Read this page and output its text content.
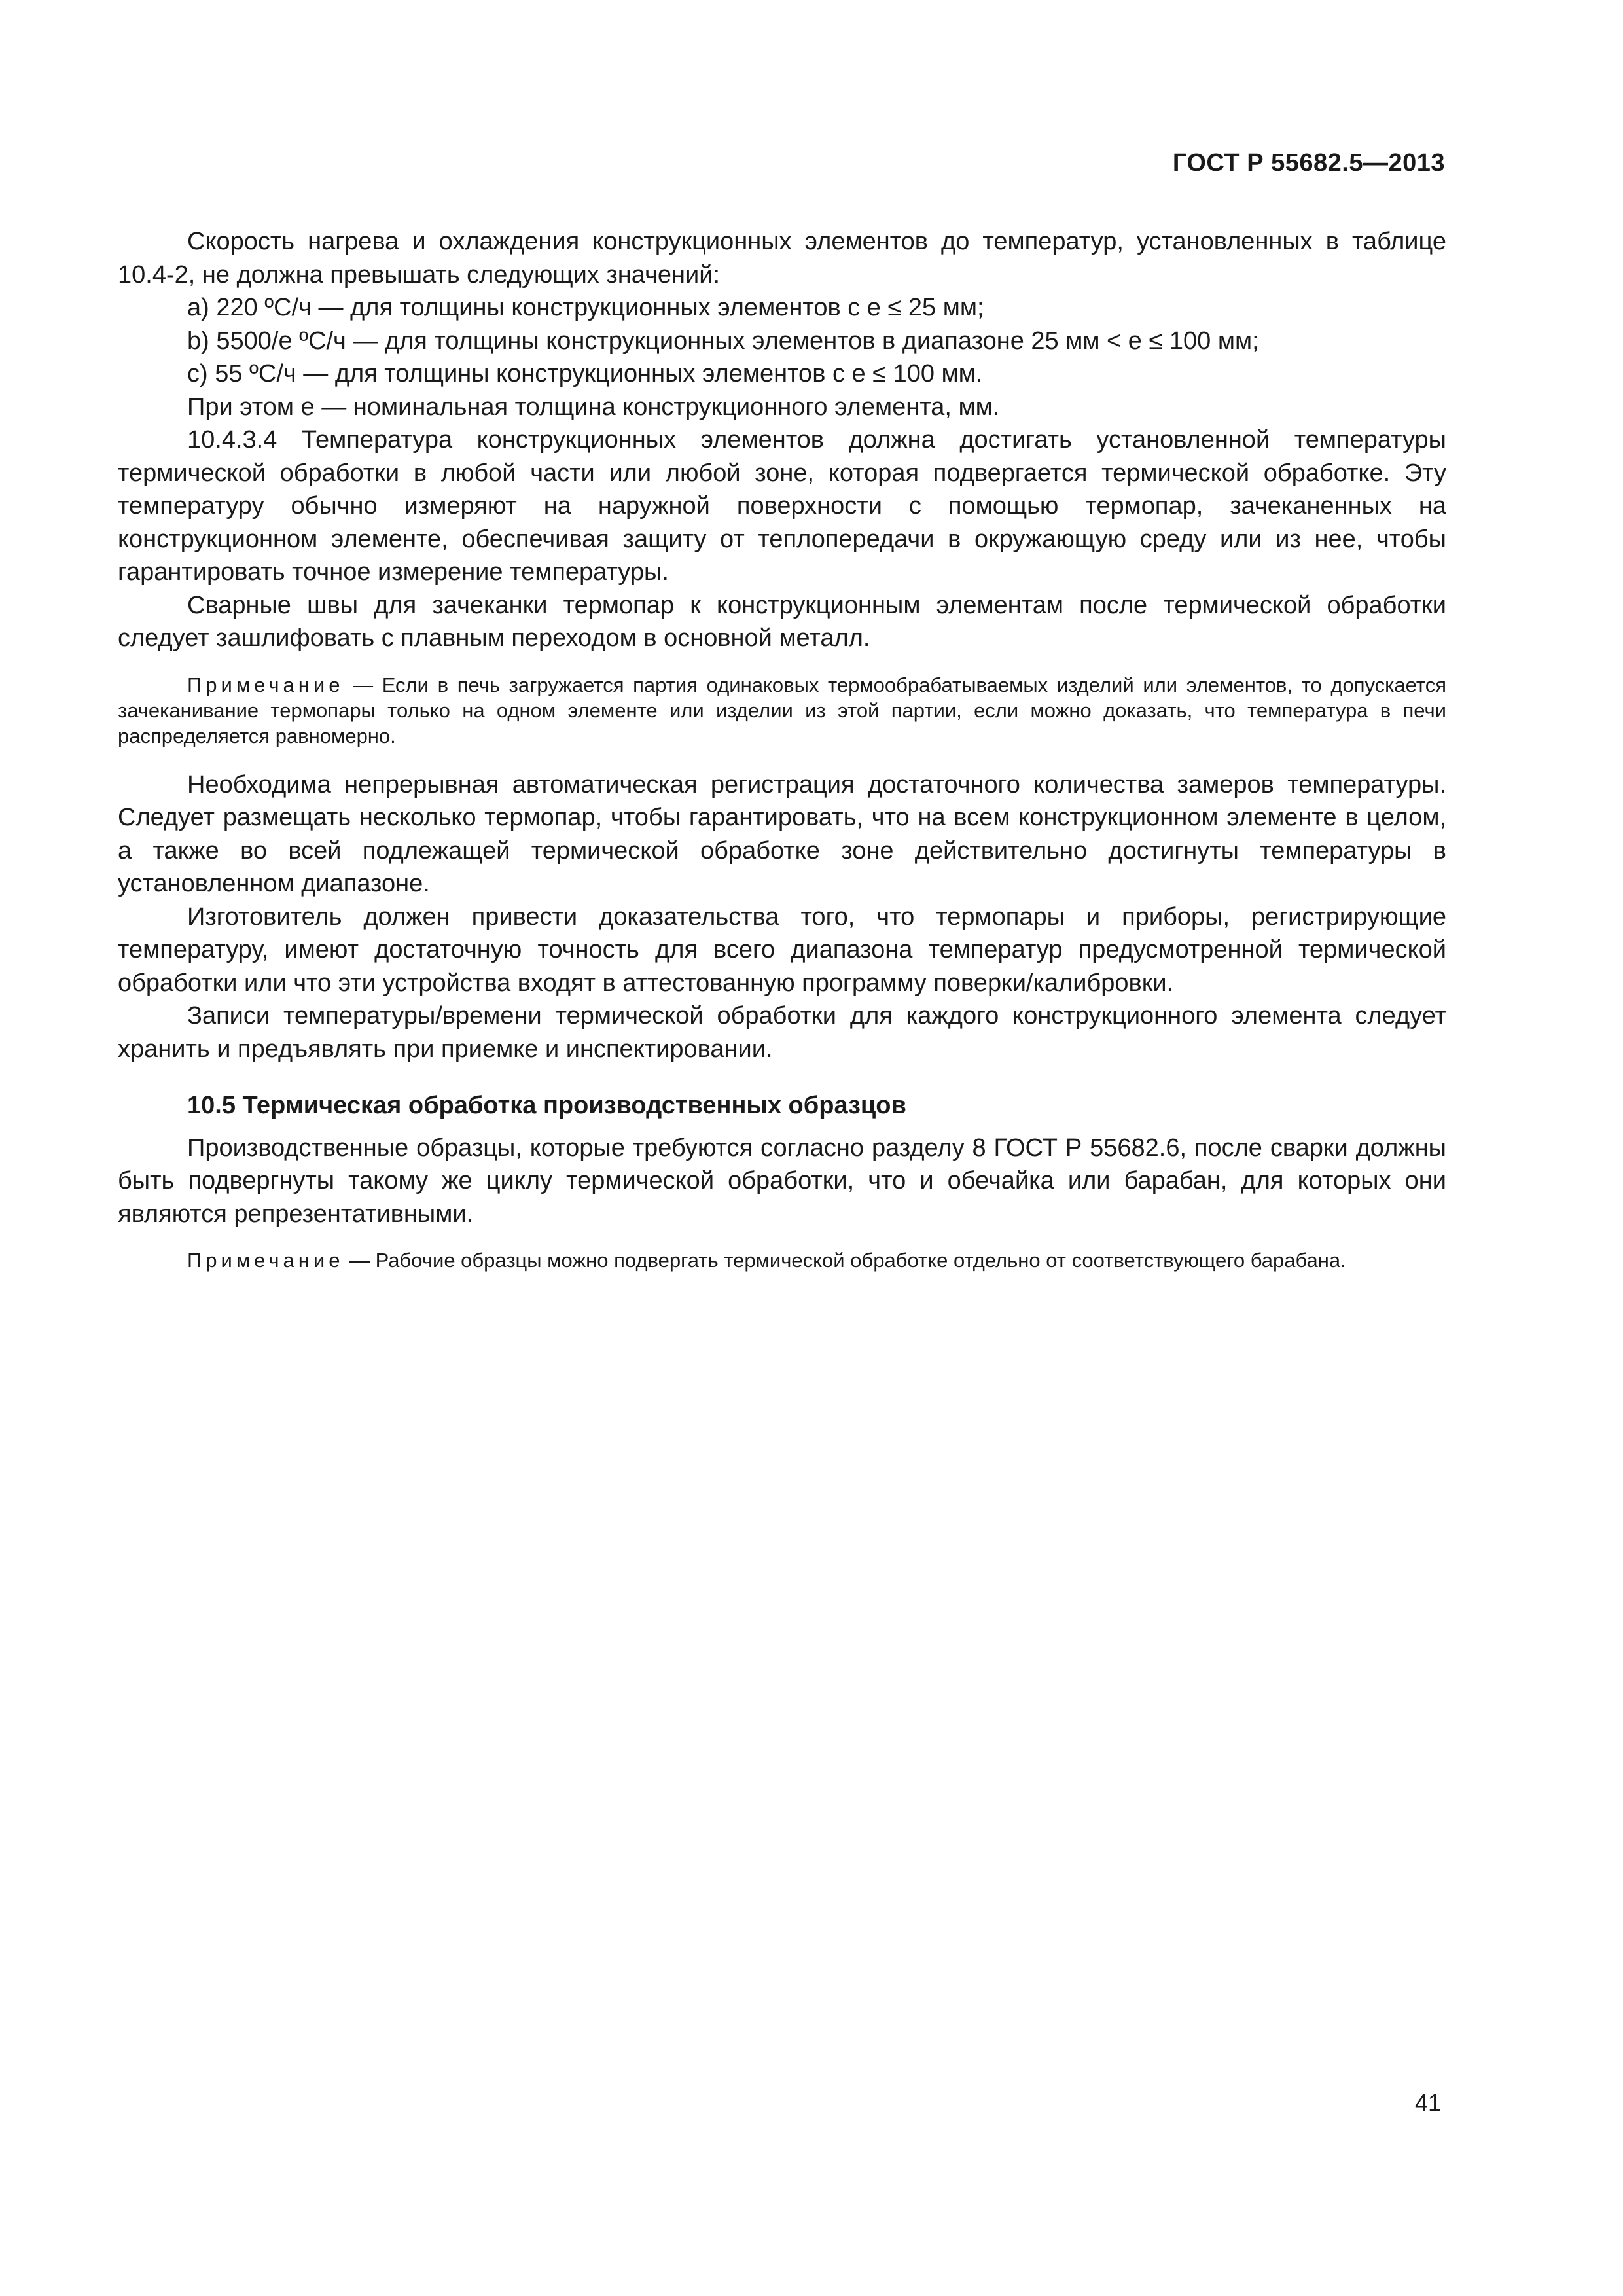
ГОСТ Р 55682.5—2013

Скорость нагрева и охлаждения конструкционных элементов до температур, установленных в таблице 10.4-2, не должна превышать следующих значений:

a) 220 ºС/ч — для толщины конструкционных элементов с e ≤ 25 мм;

b) 5500/e ºС/ч — для толщины конструкционных элементов в диапазоне 25 мм < e ≤ 100 мм;

c) 55 ºС/ч — для толщины конструкционных элементов с e ≤ 100 мм.

При этом e — номинальная толщина конструкционного элемента, мм.

10.4.3.4 Температура конструкционных элементов должна достигать установленной температуры термической обработки в любой части или любой зоне, которая подвергается термической обработке. Эту температуру обычно измеряют на наружной поверхности с помощью термопар, зачеканенных на конструкционном элементе, обеспечивая защиту от теплопередачи в окружающую среду или из нее, чтобы гарантировать точное измерение температуры.

Сварные швы для зачеканки термопар к конструкционным элементам после термической обработки следует зашлифовать с плавным переходом в основной металл.

Примечание — Если в печь загружается партия одинаковых термообрабатываемых изделий или элементов, то допускается зачеканивание термопары только на одном элементе или изделии из этой партии, если можно доказать, что температура в печи распределяется равномерно.

Необходима непрерывная автоматическая регистрация достаточного количества замеров температуры. Следует размещать несколько термопар, чтобы гарантировать, что на всем конструкционном элементе в целом, а также во всей подлежащей термической обработке зоне действительно достигнуты температуры в установленном диапазоне.

Изготовитель должен привести доказательства того, что термопары и приборы, регистрирующие температуру, имеют достаточную точность для всего диапазона температур предусмотренной термической обработки или что эти устройства входят в аттестованную программу поверки/калибровки.

Записи температуры/времени термической обработки для каждого конструкционного элемента следует хранить и предъявлять при приемке и инспектировании.

10.5 Термическая обработка производственных образцов

Производственные образцы, которые требуются согласно разделу 8 ГОСТ Р 55682.6, после сварки должны быть подвергнуты такому же циклу термической обработки, что и обечайка или барабан, для которых они являются репрезентативными.

Примечание — Рабочие образцы можно подвергать термической обработке отдельно от соответствующего барабана.

41
